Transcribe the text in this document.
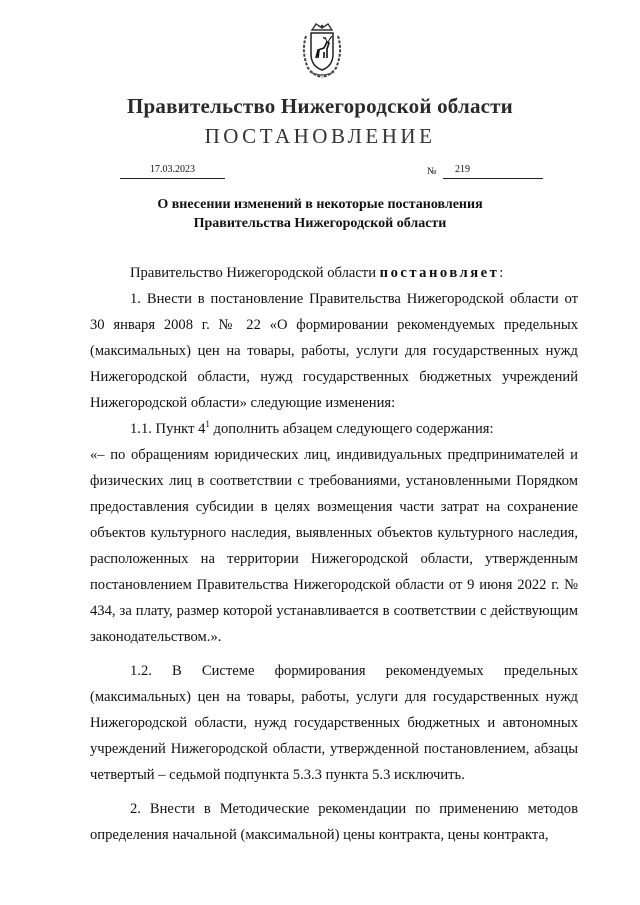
Правительство Нижегородской области
ПОСТАНОВЛЕНИЕ
17.03.2023	№	219
О внесении изменений в некоторые постановления
Правительства Нижегородской области

Правительство Нижегородской области постановляет:

1. Внести в постановление Правительства Нижегородской области от 30 января 2008 г. № 22 «О формировании рекомендуемых предельных (максимальных) цен на товары, работы, услуги для государственных нужд Нижегородской области, нужд государственных бюджетных учреждений Нижегородской области» следующие изменения:

1.1. Пункт $4^1$ дополнить абзацем следующего содержания:

«– по обращениям юридических лиц, индивидуальных предпринимателей и физических лиц в соответствии с требованиями, установленными Порядком предоставления субсидии в целях возмещения части затрат на сохранение объектов культурного наследия, выявленных объектов культурного наследия, расположенных на территории Нижегородской области, утвержденным постановлением Правительства Нижегородской области от 9 июня 2022 г. № 434, за плату, размер которой устанавливается в соответствии с действующим законодательством.».

1.2. В Системе формирования рекомендуемых предельных (максимальных) цен на товары, работы, услуги для государственных нужд Нижегородской области, нужд государственных бюджетных и автономных учреждений Нижегородской области, утвержденной постановлением, абзацы четвертый – седьмой подпункта 5.3.3 пункта 5.3 исключить.

2. Внести в Методические рекомендации по применению методов определения начальной (максимальной) цены контракта, цены контракта,
